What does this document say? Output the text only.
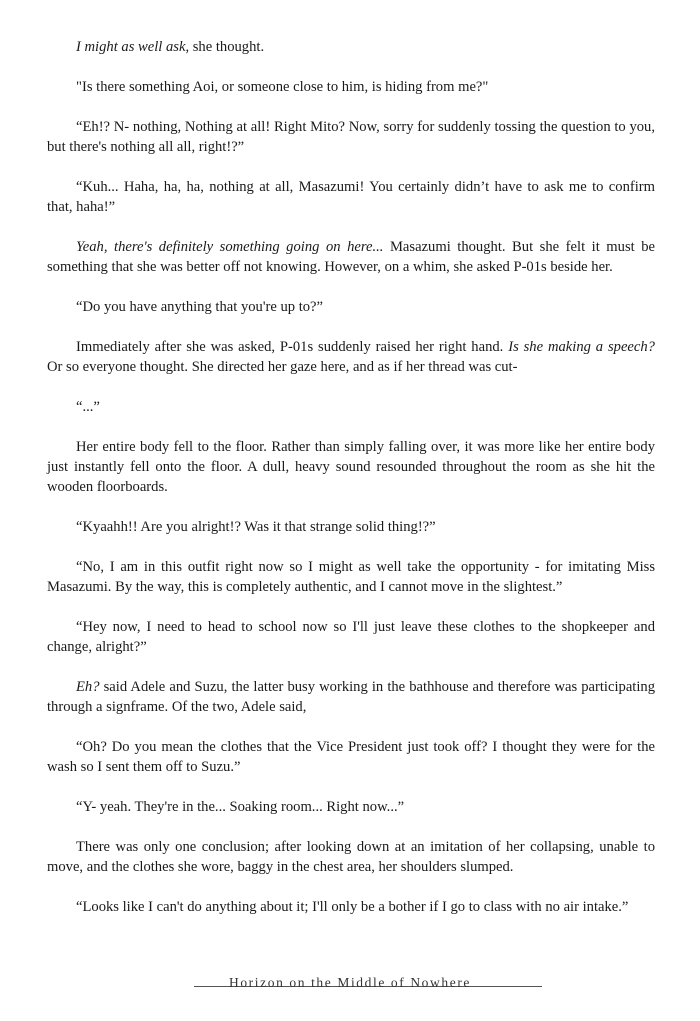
I might as well ask, she thought.

"Is there something Aoi, or someone close to him, is hiding from me?"

“Eh!? N- nothing, Nothing at all! Right Mito? Now, sorry for suddenly tossing the question to you, but there's nothing all all, right!?”

“Kuh... Haha, ha, ha, nothing at all, Masazumi! You certainly didn’t have to ask me to confirm that, haha!”

Yeah, there's definitely something going on here... Masazumi thought. But she felt it must be something that she was better off not knowing. However, on a whim, she asked P-01s beside her.

“Do you have anything that you're up to?”

Immediately after she was asked, P-01s suddenly raised her right hand. Is she making a speech? Or so everyone thought. She directed her gaze here, and as if her thread was cut-

“...”

Her entire body fell to the floor. Rather than simply falling over, it was more like her entire body just instantly fell onto the floor. A dull, heavy sound resounded throughout the room as she hit the wooden floorboards.

“Kyaahh!! Are you alright!? Was it that strange solid thing!?”

“No, I am in this outfit right now so I might as well take the opportunity - for imitating Miss Masazumi. By the way, this is completely authentic, and I cannot move in the slightest.”

“Hey now, I need to head to school now so I'll just leave these clothes to the shopkeeper and change, alright?”

Eh? said Adele and Suzu, the latter busy working in the bathhouse and therefore was participating through a signframe. Of the two, Adele said,

“Oh? Do you mean the clothes that the Vice President just took off? I thought they were for the wash so I sent them off to Suzu.”

“Y- yeah. They're in the... Soaking room... Right now...”

There was only one conclusion; after looking down at an imitation of her collapsing, unable to move, and the clothes she wore, baggy in the chest area, her shoulders slumped.

“Looks like I can't do anything about it; I'll only be a bother if I go to class with no air intake.”

Horizon on the Middle of Nowhere
